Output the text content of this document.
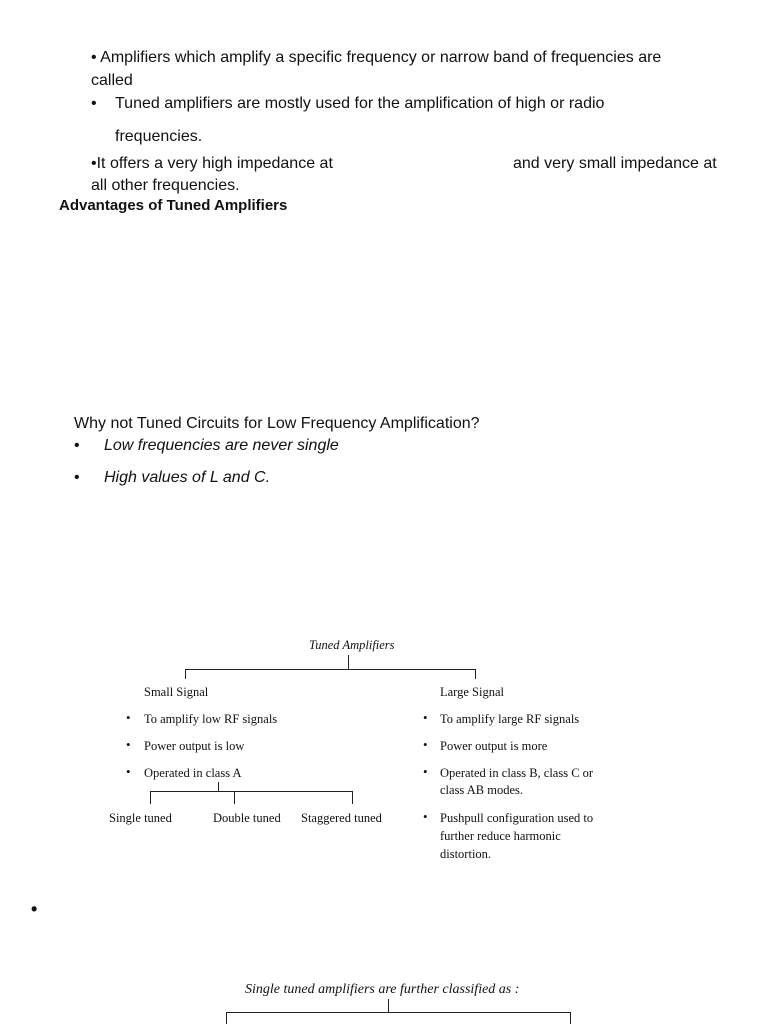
• Amplifiers which amplify a specific frequency or narrow band of frequencies are
called
• Tuned amplifiers are mostly used for the amplification of high or radio
frequencies.
•It offers a very high impedance at	and very small impedance at
all other frequencies.
Advantages of Tuned Amplifiers
Why not Tuned Circuits for Low Frequency Amplification?
• Low frequencies are never single
• High values of L and C.
Tuned Amplifiers
Small Signal
• To amplify low RF signals
• Power output is low
• Operated in class A
Single tuned	Double tuned Staggered tuned
Large Signal
• To amplify large RF signals
• Power output is more
• Operated in class B, class C or
class AB modes.
• Pushpull configuration used to
further reduce harmonic
distortion.
•
Single tuned amplifiers are further classified as :
